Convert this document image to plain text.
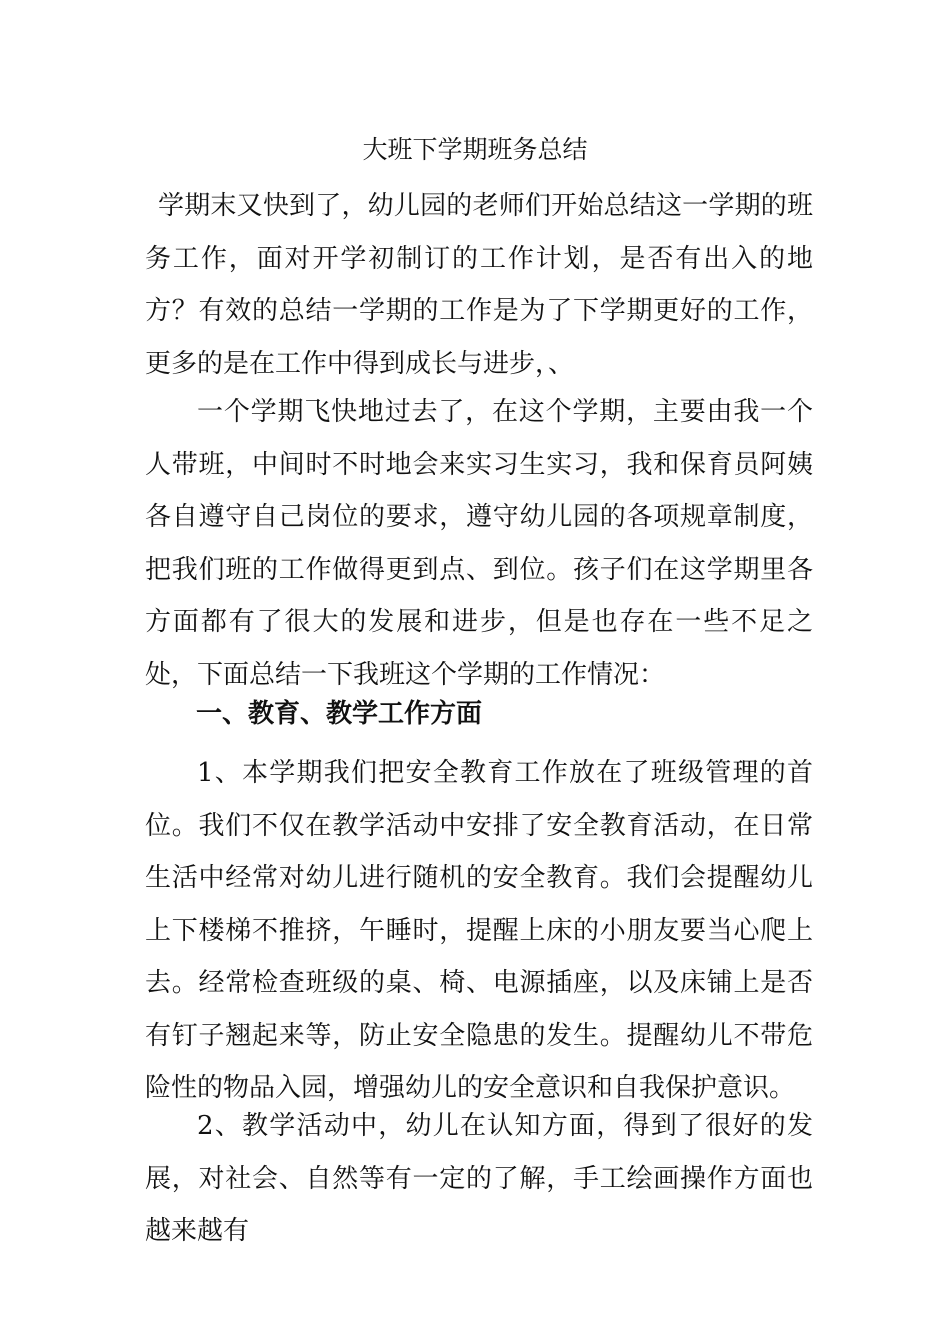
大班下学期班务总结
学期末又快到了，幼儿园的老师们开始总结这一学期的班务工作，面对开学初制订的工作计划，是否有出入的地方？有效的总结一学期的工作是为了下学期更好的工作，更多的是在工作中得到成长与进步，、
一个学期飞快地过去了，在这个学期，主要由我一个人带班，中间时不时地会来实习生实习，我和保育员阿姨各自遵守自己岗位的要求，遵守幼儿园的各项规章制度，把我们班的工作做得更到点、到位。孩子们在这学期里各方面都有了很大的发展和进步，但是也存在一些不足之处，下面总结一下我班这个学期的工作情况：
一、教育、教学工作方面
1、本学期我们把安全教育工作放在了班级管理的首位。我们不仅在教学活动中安排了安全教育活动，在日常生活中经常对幼儿进行随机的安全教育。我们会提醒幼儿上下楼梯不推挤，午睡时，提醒上床的小朋友要当心爬上去。经常检查班级的桌、椅、电源插座，以及床铺上是否有钉子翘起来等，防止安全隐患的发生。提醒幼儿不带危险性的物品入园，增强幼儿的安全意识和自我保护意识。
2、教学活动中，幼儿在认知方面，得到了很好的发展，对社会、自然等有一定的了解，手工绘画操作方面也越来越有
